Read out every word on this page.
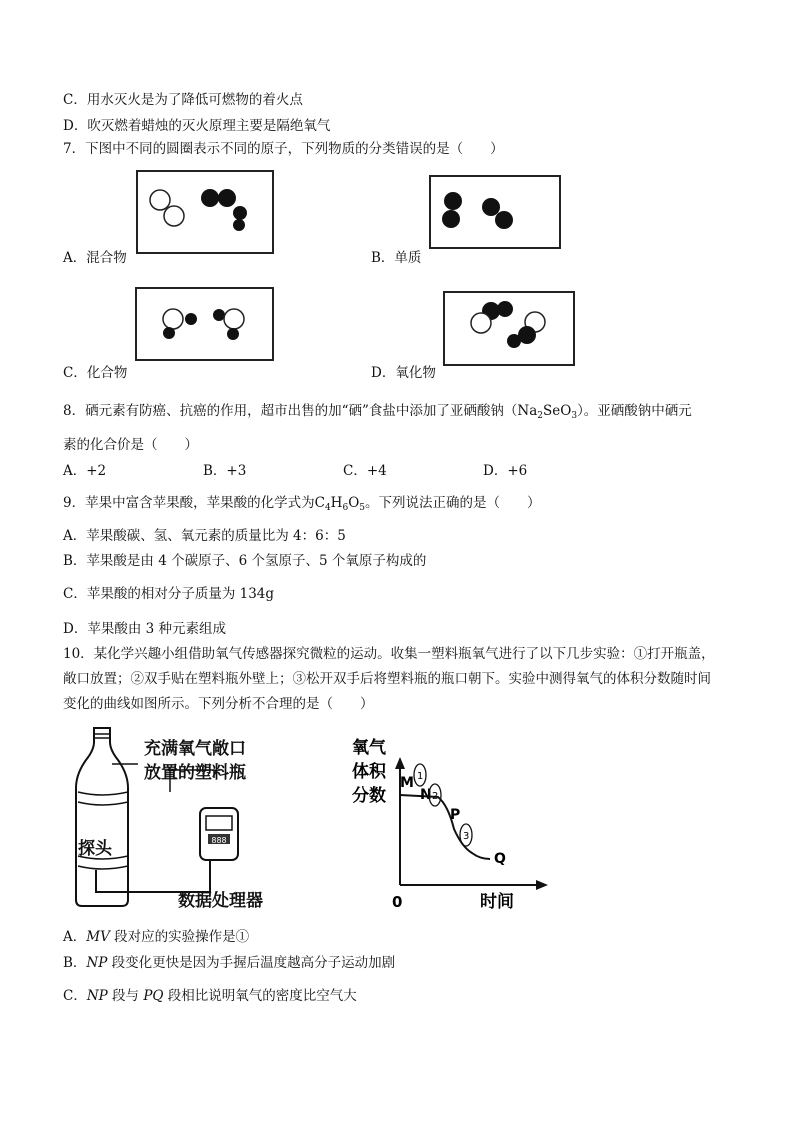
C．用水灭火是为了降低可燃物的着火点
D．吹灭燃着蜡烛的灭火原理主要是隔绝氧气
7．下图中不同的圆圈表示不同的原子，下列物质的分类错误的是（　　）
A．混合物	B．单质
C．化合物	D．氧化物
8．硒元素有防癌、抗癌的作用，超市出售的加“硒”食盐中添加了亚硒酸钠$(Na_2SeO_3)$。亚硒酸钠中硒元
素的化合价是（　　）
A．+2	B．+3	C．+4	D．+6
9．苹果中富含苹果酸，苹果酸的化学式为$C_4H_6O_5$。下列说法正确的是（　　）
A．苹果酸碳、氢、氧元素的质量比为 4：6：5
B．苹果酸是由 4 个碳原子、6 个氢原子、5 个氧原子构成的
C．苹果酸的相对分子质量为 134g
D．苹果酸由 3 种元素组成
10．某化学兴趣小组借助氧气传感器探究微粒的运动。收集一塑料瓶氧气进行了以下几步实验：①打开瓶盖，
敞口放置；②双手贴在塑料瓶外壁上；③松开双手后将塑料瓶的瓶口朝下。实验中测得氧气的体积分数随时间
变化的曲线如图所示。下列分析不合理的是（　　）
888
探头
充满氧气敞口
放置的塑料瓶
数据处理器
氧气
体积
分数
0	时间
M
N
P
Q
1
2
3
A．MV 段对应的实验操作是①
B．NP 段变化更快是因为手握后温度越高分子运动加剧
C．NP 段与 PQ 段相比说明氧气的密度比空气大
